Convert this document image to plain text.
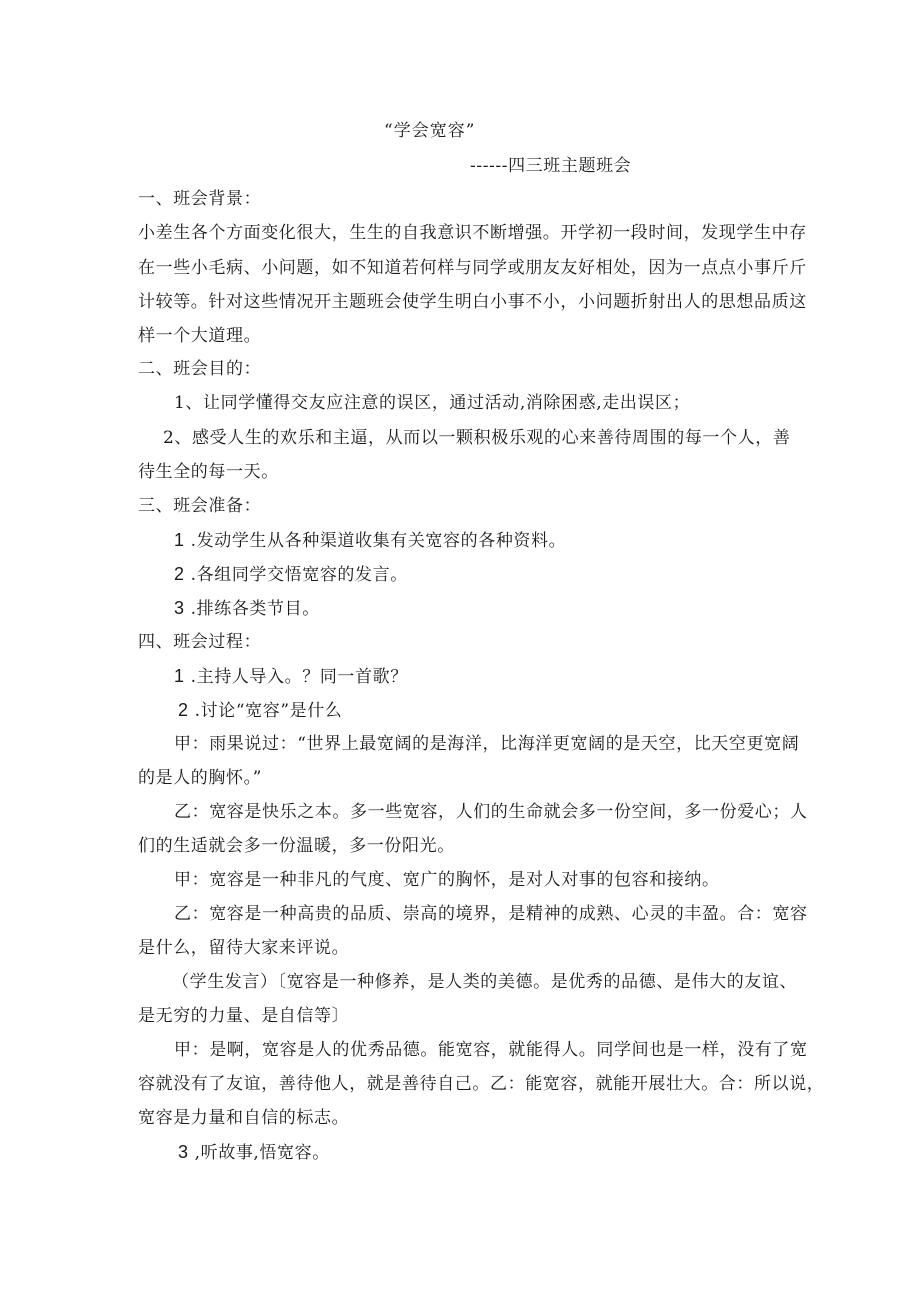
“学会宽容”
------四三班主题班会
一、班会背景：
小差生各个方面变化很大，生生的自我意识不断增强。开学初一段时间，发现学生中存
在一些小毛病、小问题，如不知道若何样与同学或朋友友好相处，因为一点点小事斤斤
计较等。针对这些情况开主题班会使学生明白小事不小，小问题折射出人的思想品质这
样一个大道理。
二、班会目的：
1、让同学懂得交友应注意的误区，通过活动,消除困惑,走出误区；
2、感受人生的欢乐和主逼，从而以一颗积极乐观的心来善待周围的每一个人，善
待生全的每一天。
三、班会准备：
1 .发动学生从各种渠道收集有关宽容的各种资料。
2 .各组同学交悟宽容的发言。
3 .排练各类节目。
四、班会过程：
1 .主持人导入。？同一首歌？
2 .讨论“宽容”是什么
甲：雨果说过：“世界上最宽阔的是海洋，比海洋更宽阔的是天空，比天空更宽阔
的是人的胸怀。”
乙：宽容是快乐之本。多一些宽容，人们的生命就会多一份空间，多一份爱心；人
们的生适就会多一份温暖，多一份阳光。
甲：宽容是一种非凡的气度、宽广的胸怀，是对人对事的包容和接纳。
乙：宽容是一种高贵的品质、崇高的境界，是精神的成熟、心灵的丰盈。合：宽容
是什么，留待大家来评说。
（学生发言）〔宽容是一种修养，是人类的美德。是优秀的品德、是伟大的友谊、
是无穷的力量、是自信等〕
甲：是啊，宽容是人的优秀品德。能宽容，就能得人。同学间也是一样，没有了宽
容就没有了友谊，善待他人，就是善待自己。乙：能宽容，就能开展壮大。合：所以说，
宽容是力量和自信的标志。
3 ,听故事,悟宽容。
